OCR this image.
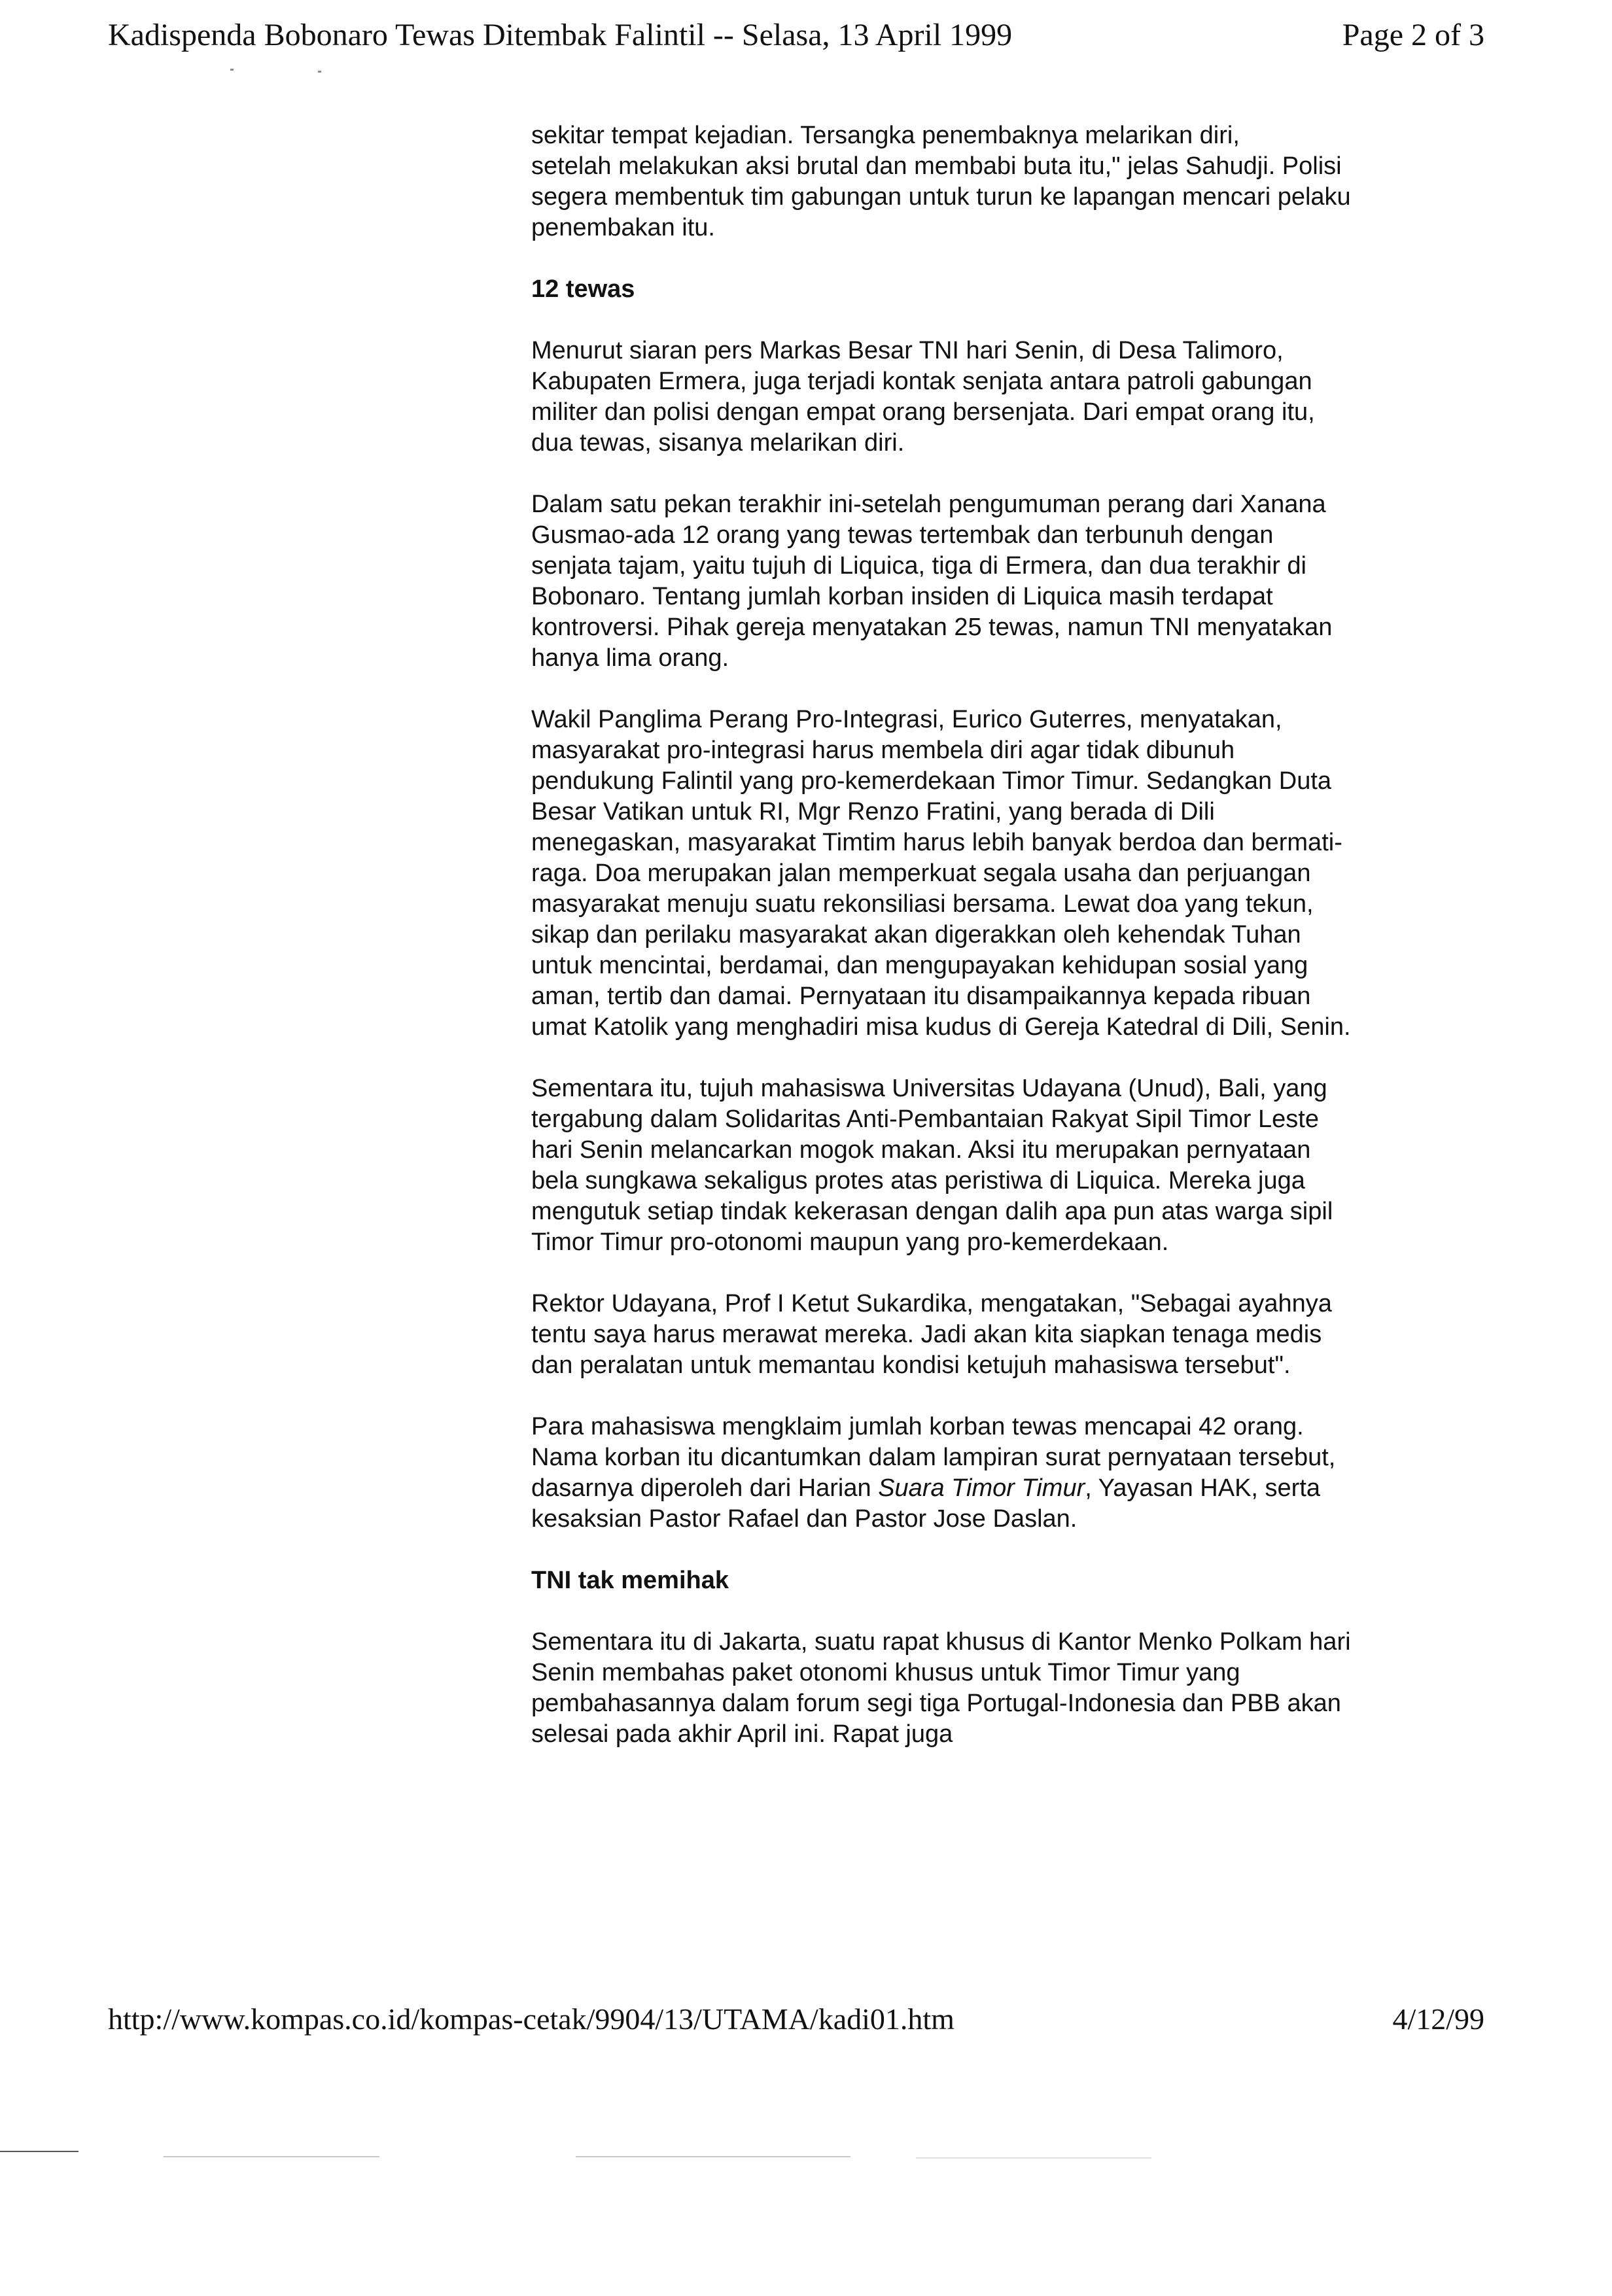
Kadispenda Bobonaro Tewas Ditembak Falintil -- Selasa, 13 April 1999	Page 2 of 3

sekitar tempat kejadian. Tersangka penembaknya melarikan diri,
setelah melakukan aksi brutal dan membabi buta itu," jelas Sahudji. Polisi segera membentuk tim gabungan untuk turun ke lapangan mencari pelaku penembakan itu.

12 tewas

Menurut siaran pers Markas Besar TNI hari Senin, di Desa Talimoro, Kabupaten Ermera, juga terjadi kontak senjata antara patroli gabungan militer dan polisi dengan empat orang bersenjata. Dari empat orang itu, dua tewas, sisanya melarikan diri.

Dalam satu pekan terakhir ini-setelah pengumuman perang dari Xanana Gusmao-ada 12 orang yang tewas tertembak dan terbunuh dengan senjata tajam, yaitu tujuh di Liquica, tiga di Ermera, dan dua terakhir di Bobonaro. Tentang jumlah korban insiden di Liquica masih terdapat kontroversi. Pihak gereja menyatakan 25 tewas, namun TNI menyatakan hanya lima orang.

Wakil Panglima Perang Pro-Integrasi, Eurico Guterres, menyatakan, masyarakat pro-integrasi harus membela diri agar tidak dibunuh pendukung Falintil yang pro-kemerdekaan Timor Timur. Sedangkan Duta Besar Vatikan untuk RI, Mgr Renzo Fratini, yang berada di Dili menegaskan, masyarakat Timtim harus lebih banyak berdoa dan bermati-raga. Doa merupakan jalan memperkuat segala usaha dan perjuangan masyarakat menuju suatu rekonsiliasi bersama. Lewat doa yang tekun, sikap dan perilaku masyarakat akan digerakkan oleh kehendak Tuhan untuk mencintai, berdamai, dan mengupayakan kehidupan sosial yang aman, tertib dan damai. Pernyataan itu disampaikannya kepada ribuan umat Katolik yang menghadiri misa kudus di Gereja Katedral di Dili, Senin.

Sementara itu, tujuh mahasiswa Universitas Udayana (Unud), Bali, yang tergabung dalam Solidaritas Anti-Pembantaian Rakyat Sipil Timor Leste hari Senin melancarkan mogok makan. Aksi itu merupakan pernyataan bela sungkawa sekaligus protes atas peristiwa di Liquica. Mereka juga mengutuk setiap tindak kekerasan dengan dalih apa pun atas warga sipil Timor Timur pro-otonomi maupun yang pro-kemerdekaan.

Rektor Udayana, Prof I Ketut Sukardika, mengatakan, "Sebagai ayahnya tentu saya harus merawat mereka. Jadi akan kita siapkan tenaga medis dan peralatan untuk memantau kondisi ketujuh mahasiswa tersebut".

Para mahasiswa mengklaim jumlah korban tewas mencapai 42 orang. Nama korban itu dicantumkan dalam lampiran surat pernyataan tersebut, dasarnya diperoleh dari Harian Suara Timor Timur, Yayasan HAK, serta kesaksian Pastor Rafael dan Pastor Jose Daslan.

TNI tak memihak

Sementara itu di Jakarta, suatu rapat khusus di Kantor Menko Polkam hari Senin membahas paket otonomi khusus untuk Timor Timur yang pembahasannya dalam forum segi tiga Portugal-Indonesia dan PBB akan selesai pada akhir April ini. Rapat juga

http://www.kompas.co.id/kompas-cetak/9904/13/UTAMA/kadi01.htm	4/12/99
